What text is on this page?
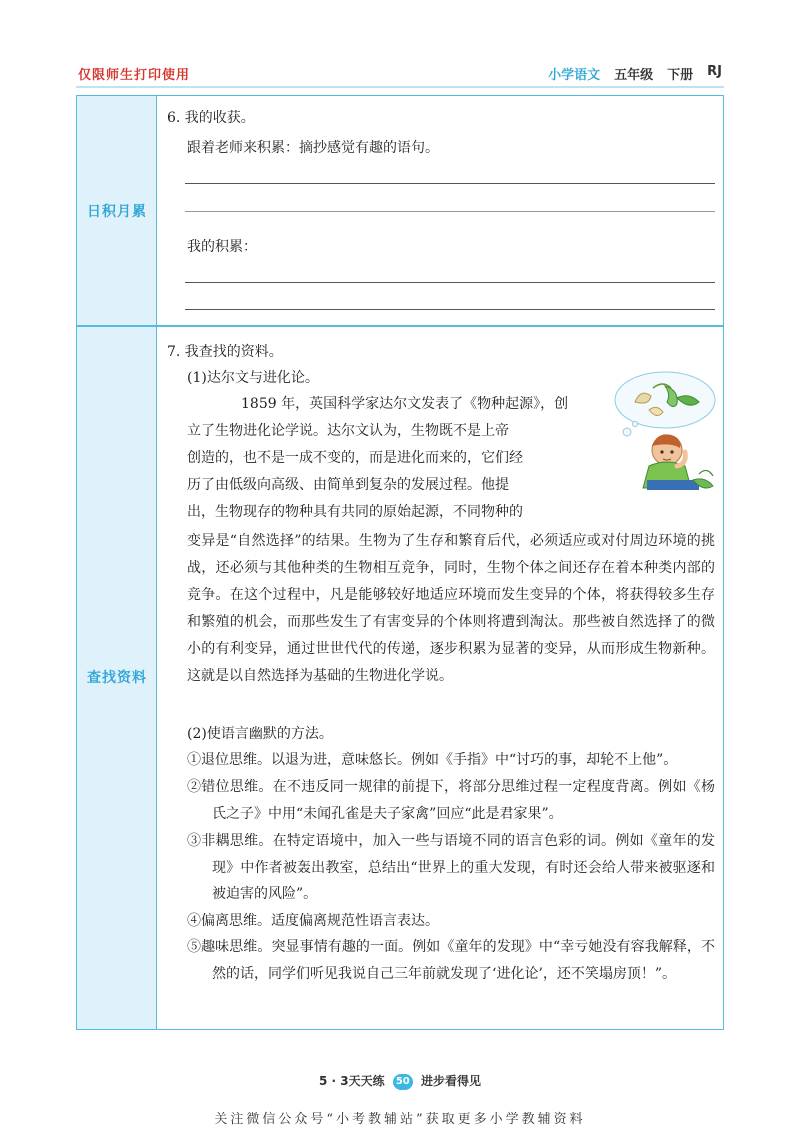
仅限师生打印使用	小学语文 五年级 下册 RJ
日积月累
查找资料
6. 我的收获。
跟着老师来积累：摘抄感觉有趣的语句。
我的积累：
7. 我查找的资料。
(1)达尔文与进化论。
1859 年，英国科学家达尔文发表了《物种起源》，创
立了生物进化论学说。达尔文认为，生物既不是上帝
创造的，也不是一成不变的，而是进化而来的，它们经
历了由低级向高级、由简单到复杂的发展过程。他提
出，生物现存的物种具有共同的原始起源，不同物种的
变异是“自然选择”的结果。生物为了生存和繁育后代，必须适应或对付周边环境的挑战，还必须与其他种类的生物相互竞争，同时，生物个体之间还存在着本种类内部的竞争。在这个过程中，凡是能够较好地适应环境而发生变异的个体，将获得较多生存和繁殖的机会，而那些发生了有害变异的个体则将遭到淘汰。那些被自然选择了的微小的有利变异，通过世世代代的传递，逐步积累为显著的变异，从而形成生物新种。这就是以自然选择为基础的生物进化学说。
(2)使语言幽默的方法。
①退位思维。以退为进，意味悠长。例如《手指》中“讨巧的事，却轮不上他”。
②错位思维。在不违反同一规律的前提下，将部分思维过程一定程度背离。例如《杨氏之子》中用“未闻孔雀是夫子家禽”回应“此是君家果”。
③非耦思维。在特定语境中，加入一些与语境不同的语言色彩的词。例如《童年的发现》中作者被轰出教室，总结出“世界上的重大发现，有时还会给人带来被驱逐和被迫害的风险”。
④偏离思维。适度偏离规范性语言表达。
⑤趣味思维。突显事情有趣的一面。例如《童年的发现》中“幸亏她没有容我解释，不然的话，同学们听见我说自己三年前就发现了‘进化论’，还不笑塌房顶！”。
5 · 3天天练 50 进步看得见
关注微信公众号“小考教辅站”获取更多小学教辅资料
